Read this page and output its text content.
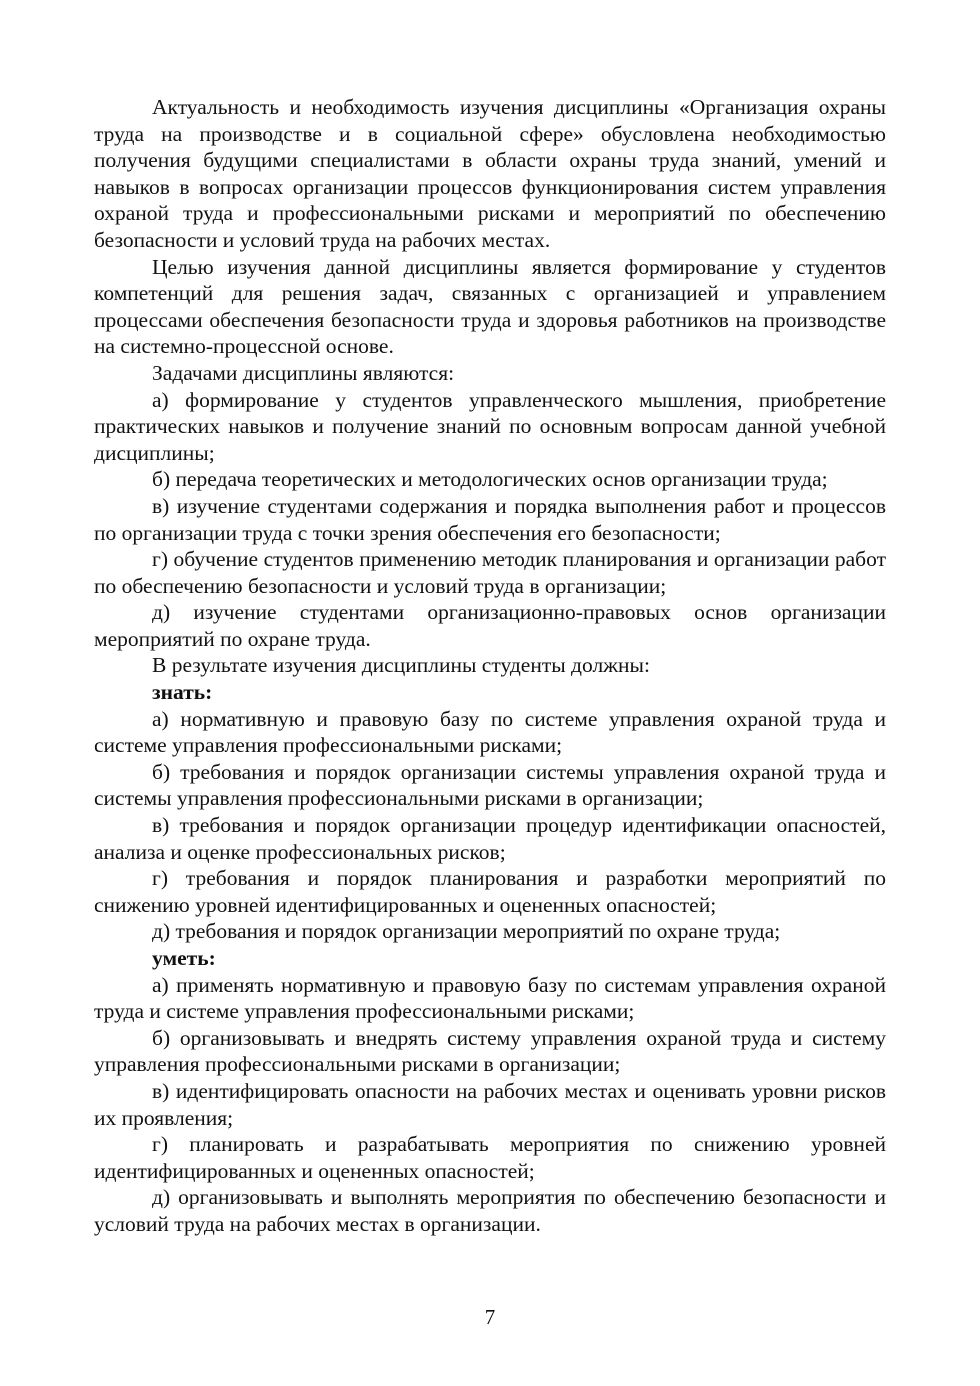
Актуальность и необходимость изучения дисциплины «Организация охраны труда на производстве и в социальной сфере» обусловлена необходимостью получения будущими специалистами в области охраны труда знаний, умений и навыков в вопросах организации процессов функционирования систем управления охраной труда и профессиональными рисками и мероприятий по обеспечению безопасности и условий труда на рабочих местах.

Целью изучения данной дисциплины является формирование у студентов компетенций для решения задач, связанных с организацией и управлением процессами обеспечения безопасности труда и здоровья работников на производстве на системно-процессной основе.

Задачами дисциплины являются:

а) формирование у студентов управленческого мышления, приобретение практических навыков и получение знаний по основным вопросам данной учебной дисциплины;

б) передача теоретических и методологических основ организации труда;

в) изучение студентами содержания и порядка выполнения работ и процессов по организации труда с точки зрения обеспечения его безопасности;

г) обучение студентов применению методик планирования и организации работ по обеспечению безопасности и условий труда в организации;

д) изучение студентами организационно-правовых основ организации мероприятий по охране труда.

В результате изучения дисциплины студенты должны:

знать:

а) нормативную и правовую базу по системе управления охраной труда и системе управления профессиональными рисками;

б) требования и порядок организации системы управления охраной труда и системы управления профессиональными рисками в организации;

в) требования и порядок организации процедур идентификации опасностей, анализа и оценке профессиональных рисков;

г) требования и порядок планирования и разработки мероприятий по снижению уровней идентифицированных и оцененных опасностей;

д) требования и порядок организации мероприятий по охране труда;

уметь:

а) применять нормативную и правовую базу по системам управления охраной труда и системе управления профессиональными рисками;

б) организовывать и внедрять систему управления охраной труда и систему управления профессиональными рисками в организации;

в) идентифицировать опасности на рабочих местах и оценивать уровни рисков их проявления;

г) планировать и разрабатывать мероприятия по снижению уровней идентифицированных и оцененных опасностей;

д) организовывать и выполнять мероприятия по обеспечению безопасности и условий труда на рабочих местах в организации.

7
